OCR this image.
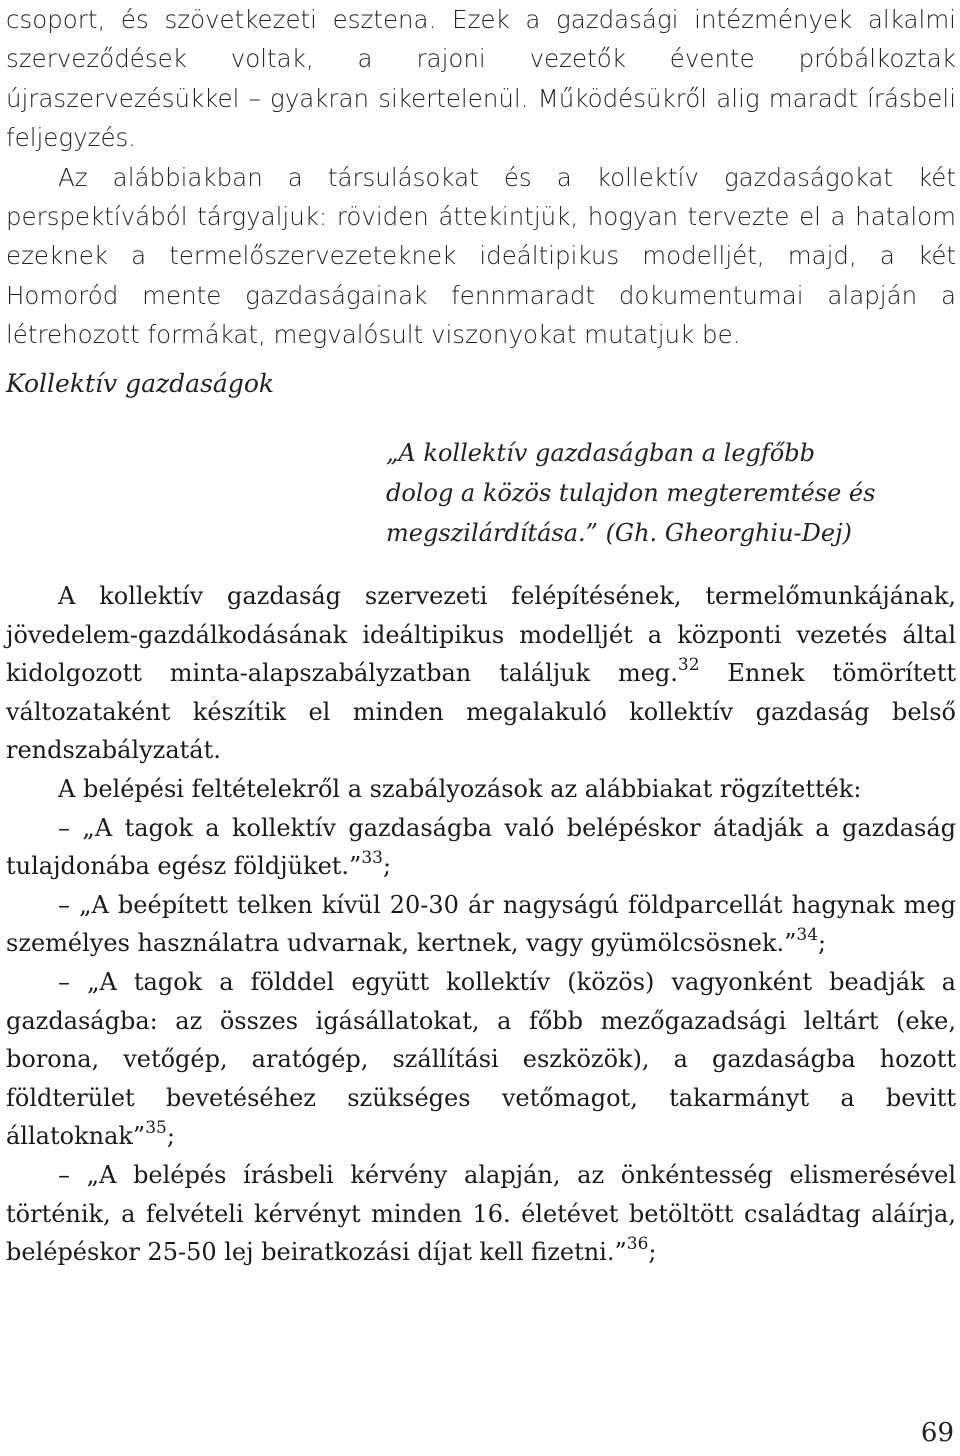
csoport, és szövetkezeti esztena. Ezek a gazdasági intézmények alkalmi szerveződések voltak, a rajoni vezetők évente próbálkoztak újraszervezésükkel – gyakran sikertelenül. Működésükről alig maradt írásbeli feljegyzés.

Az alábbiakban a társulásokat és a kollektív gazdaságokat két perspektívából tárgyaljuk: röviden áttekintjük, hogyan tervezte el a hatalom ezeknek a termelőszervezeteknek ideáltipikus modelljét, majd, a két Homoród mente gazdaságainak fennmaradt dokumentumai alapján a létrehozott formákat, megvalósult viszonyokat mutatjuk be.

Kollektív gazdaságok
„A kollektív gazdaságban a legfőbb
dolog a közös tulajdon megteremtése és
megszilárdítása.” (Gh. Gheorghiu-Dej)

A kollektív gazdaság szervezeti felépítésének, termelőmunkájának, jövedelem-gazdálkodásának ideáltipikus modelljét a központi vezetés által kidolgozott minta-alapszabályzatban találjuk meg.$^{32}$ Ennek tömörített változataként készítik el minden megalakuló kollektív gazdaság belső rendszabályzatát.

A belépési feltételekről a szabályozások az alábbiakat rögzítették:

– „A tagok a kollektív gazdaságba való belépéskor átadják a gazdaság tulajdonába egész földjüket.”$^{33}$;

– „A beépített telken kívül 20-30 ár nagyságú földparcellát hagynak meg személyes használatra udvarnak, kertnek, vagy gyümölcsösnek.”$^{34}$;

– „A tagok a földdel együtt kollektív (közös) vagyonként beadják a gazdaságba: az összes igásállatokat, a főbb mezőgazadsági leltárt (eke, borona, vetőgép, aratógép, szállítási eszközök), a gazdaságba hozott földterület bevetéséhez szükséges vetőmagot, takarmányt a bevitt állatoknak”$^{35}$;

– „A belépés írásbeli kérvény alapján, az önkéntesség elismerésével történik, a felvételi kérvényt minden 16. életévet betöltött családtag aláírja, belépéskor 25-50 lej beiratkozási díjat kell fizetni.”$^{36}$;

69
